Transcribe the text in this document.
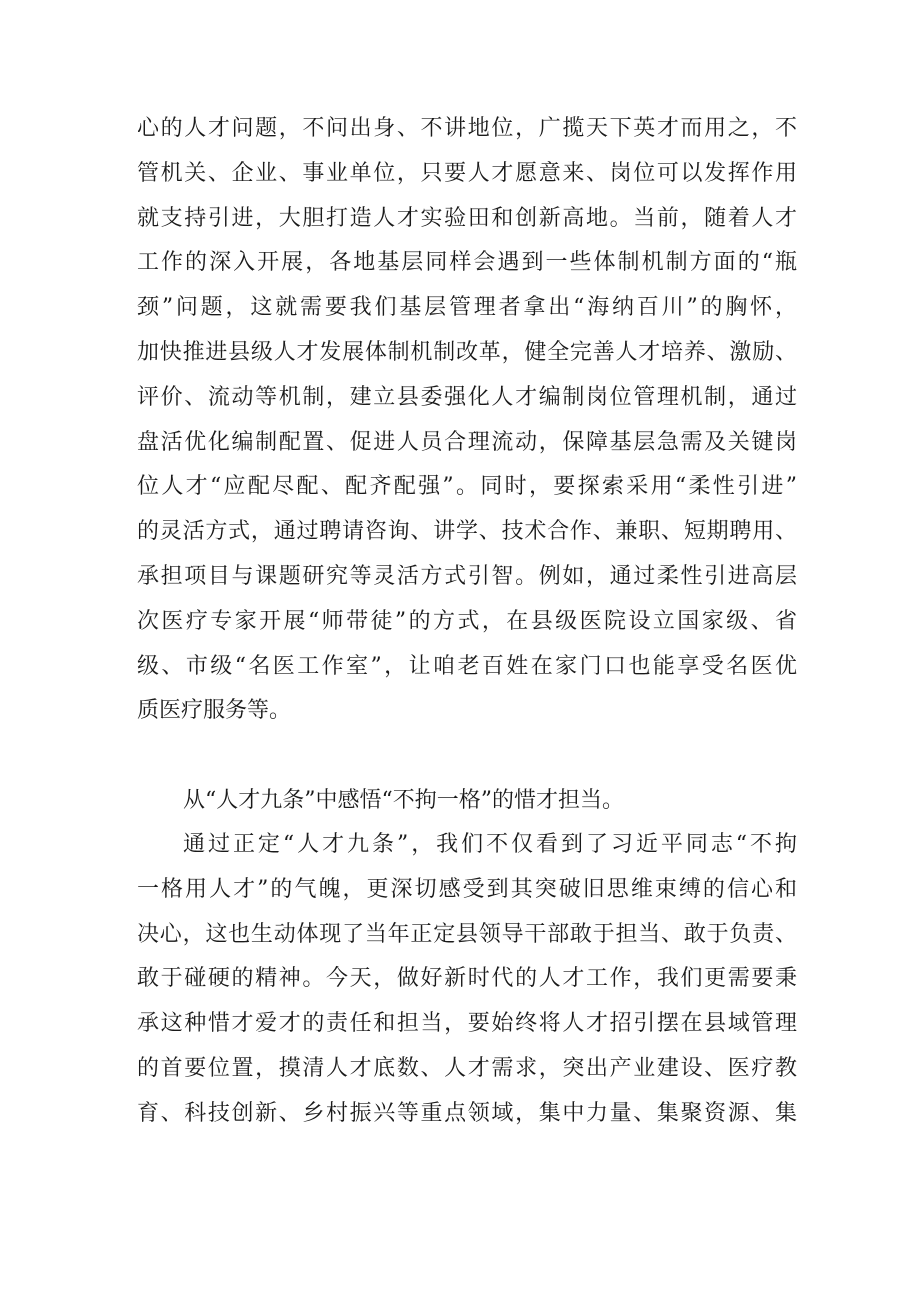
心的人才问题，不问出身、不讲地位，广揽天下英才而用之，不
管机关、企业、事业单位，只要人才愿意来、岗位可以发挥作用
就支持引进，大胆打造人才实验田和创新高地。当前，随着人才
工作的深入开展，各地基层同样会遇到一些体制机制方面的“瓶
颈”问题，这就需要我们基层管理者拿出“海纳百川”的胸怀，
加快推进县级人才发展体制机制改革，健全完善人才培养、激励、
评价、流动等机制，建立县委强化人才编制岗位管理机制，通过
盘活优化编制配置、促进人员合理流动，保障基层急需及关键岗
位人才“应配尽配、配齐配强”。同时，要探索采用“柔性引进”
的灵活方式，通过聘请咨询、讲学、技术合作、兼职、短期聘用、
承担项目与课题研究等灵活方式引智。例如，通过柔性引进高层
次医疗专家开展“师带徒”的方式，在县级医院设立国家级、省
级、市级“名医工作室”，让咱老百姓在家门口也能享受名医优
质医疗服务等。
从“人才九条”中感悟“不拘一格”的惜才担当。
通过正定“人才九条”，我们不仅看到了习近平同志“不拘
一格用人才”的气魄，更深切感受到其突破旧思维束缚的信心和
决心，这也生动体现了当年正定县领导干部敢于担当、敢于负责、
敢于碰硬的精神。今天，做好新时代的人才工作，我们更需要秉
承这种惜才爱才的责任和担当，要始终将人才招引摆在县域管理
的首要位置，摸清人才底数、人才需求，突出产业建设、医疗教
育、科技创新、乡村振兴等重点领域，集中力量、集聚资源、集
